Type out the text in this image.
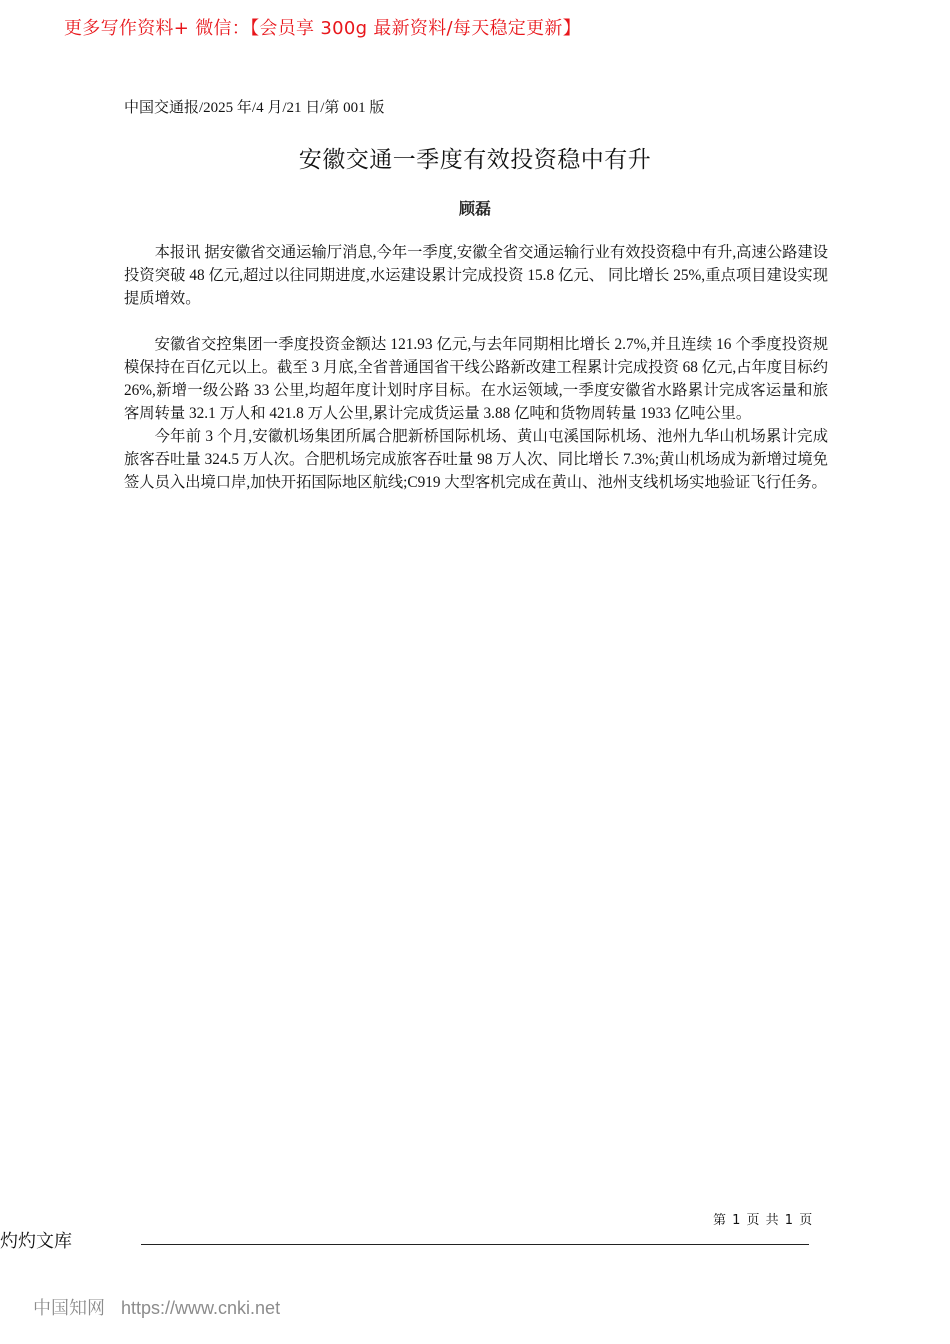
更多写作资料+ 微信：【会员享 300g 最新资料/每天稳定更新】
中国交通报/2025 年/4 月/21 日/第 001 版
安徽交通一季度有效投资稳中有升
顾磊

本报讯 据安徽省交通运输厅消息,今年一季度,安徽全省交通运输行业有效投资稳中有升,高速公路建设投资突破 48 亿元,超过以往同期进度,水运建设累计完成投资 15.8 亿元、 同比增长 25%,重点项目建设实现提质增效。

安徽省交控集团一季度投资金额达 121.93 亿元,与去年同期相比增长 2.7%,并且连续 16 个季度投资规模保持在百亿元以上。截至 3 月底,全省普通国省干线公路新改建工程累计完成投资 68 亿元,占年度目标约 26%,新增一级公路 33 公里,均超年度计划时序目标。在水运领域,一季度安徽省水路累计完成客运量和旅客周转量 32.1 万人和 421.8 万人公里,累计完成货运量 3.88 亿吨和货物周转量 1933 亿吨公里。

今年前 3 个月,安徽机场集团所属合肥新桥国际机场、黄山屯溪国际机场、池州九华山机场累计完成旅客吞吐量 324.5 万人次。合肥机场完成旅客吞吐量 98 万人次、同比增长 7.3%;黄山机场成为新增过境免签人员入出境口岸,加快开拓国际地区航线;C919 大型客机完成在黄山、池州支线机场实地验证飞行任务。

第 1 页 共 1 页
灼灼文库
中国知网 https://www.cnki.net
